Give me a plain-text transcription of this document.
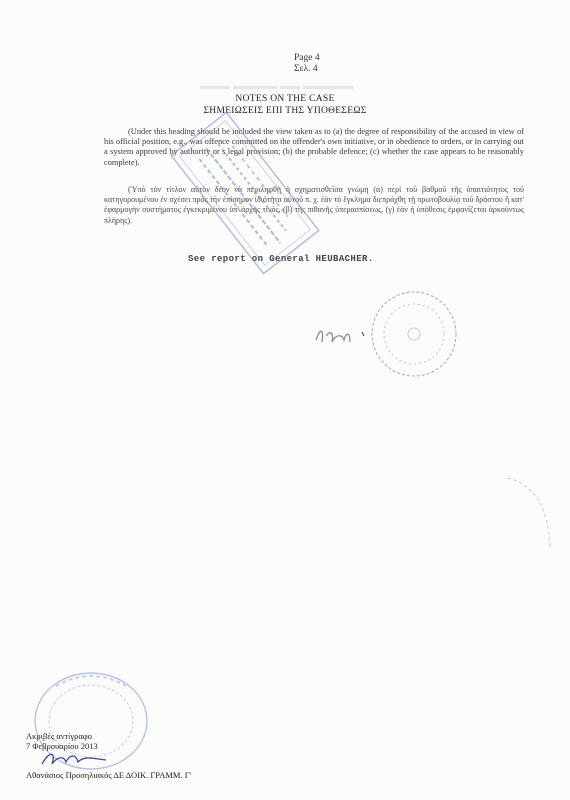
Page 4
Σελ. 4
NOTES ON THE CASE
ΣΗΜΕΙΩΣΕΙΣ ΕΠΙ ΤΗΣ ΥΠΟΘΕΣΕΩΣ
(Under this heading should be included the view taken as to (a) the degree of responsibility of the accused in view of his official position, e.g., was offence committed on the offender's own initiative, or in obedience to orders, or in carrying out a system approved by authority or s legal provision; (b) the probable defence; (c) whether the case appears to be reasonably complete).
(Ὑπὸ τὸν τίτλον αὐτὸν δέον νὰ περιληφθῇ ἡ σχηματισθεῖσα γνώμη (α) περὶ τοῦ βαθμοῦ τῆς ὑπαιτιότητος τοῦ κατηγορουμένου ἐν σχέσει πρὸς τὴν ἐπίσημον ἰδιότητα αὐτοῦ π. χ. ἐὰν τὸ ἔγκλημα διεπράχθη τῇ πρωτοβουλίᾳ τοῦ δράστου ἢ κατ' ἐφαρμογὴν συστήματος ἐγκεκριμένου ὑπ' ἀρχῆς τινός, (β) τῆς πιθανῆς ὑπερασπίσεως, (γ) ἐὰν ἡ ὑπόθεσις ἐμφανίζεται ἀρκούντως πλήρης).
See report on General HEUBACHER.
Ακριβές αντίγραφο
7 Φεβρουαρίου 2013
Αθανάσιος Προσηλιακός ΔΕ ΔΟΙΚ. ΓΡΑΜΜ. Γ'
